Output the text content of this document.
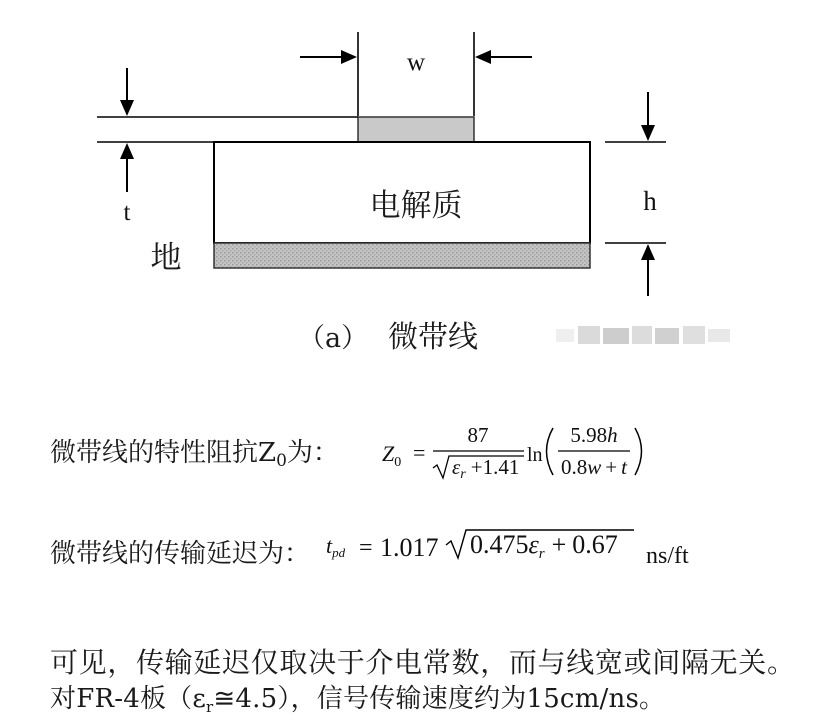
w
电解质
地
t	h
（a） 微带线
微带线的特性阻抗Z0为： $Z_0$ =
87
εr +1.41 ln
5.98h
0.8w + t
微带线的传输延迟为： tpd = 1.017 0.475εr + 0.67 ns/ft
可见，传输延迟仅取决于介电常数，而与线宽或间隔无关。
对FR-4板（εr≅4.5），信号传输速度约为15cm/ns。
